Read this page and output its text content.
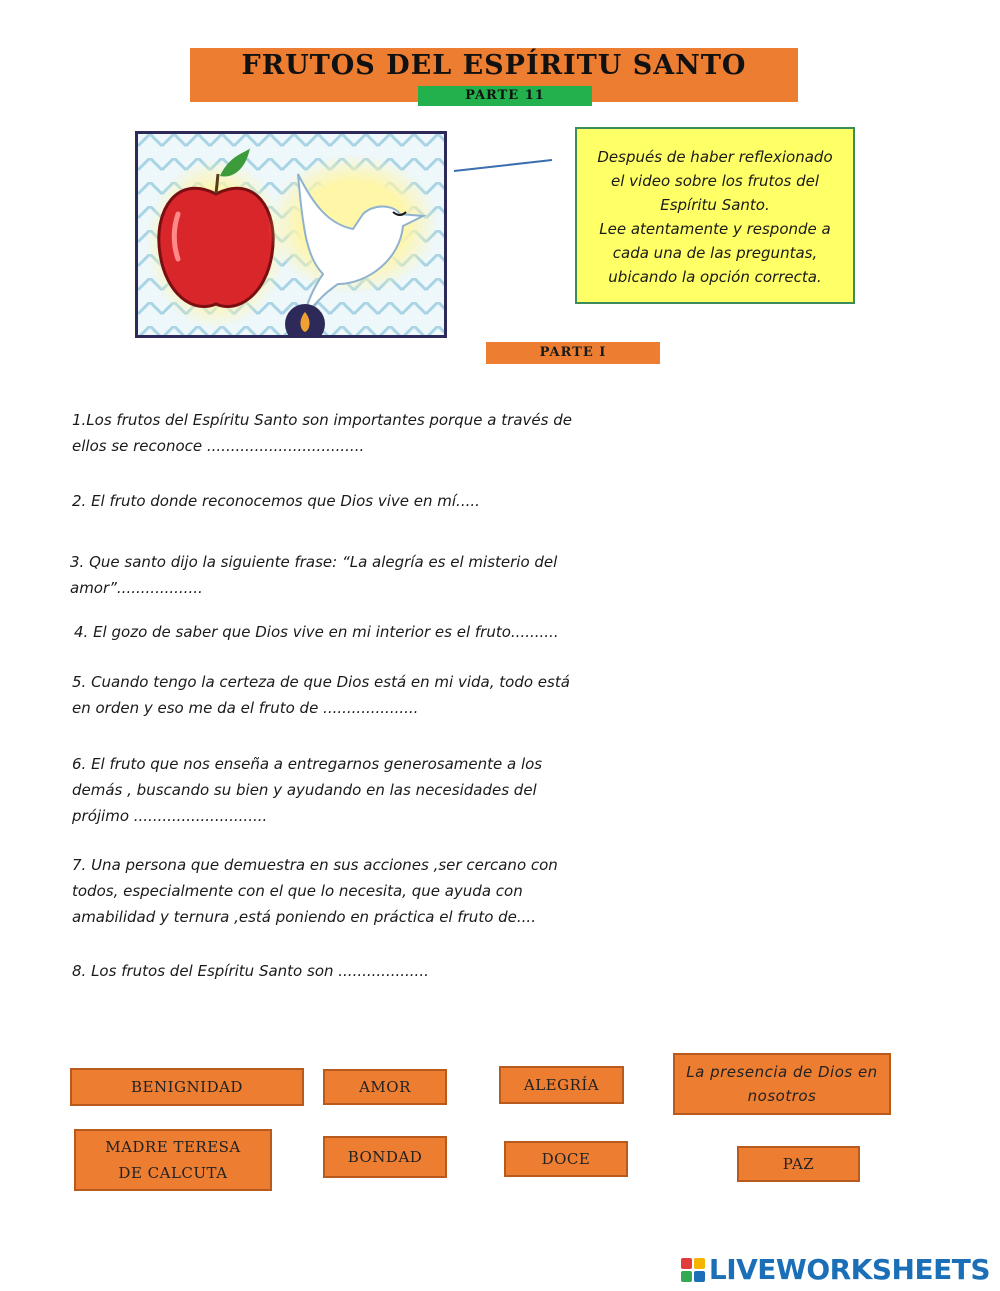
FRUTOS DEL ESPÍRITU SANTO
PARTE 11
Después de haber reflexionado
el video sobre los frutos del
Espíritu Santo.
Lee atentamente y responde a
cada una de las preguntas,
ubicando la opción correcta.
PARTE I
1.Los frutos del Espíritu Santo son importantes porque a través de
ellos se reconoce .................................
2. El fruto donde reconocemos que Dios vive en mí.....
3. Que santo dijo la siguiente frase: “La alegría es el misterio del
amor”..................
4. El gozo de saber que Dios vive en mi interior es el fruto..........
5. Cuando tengo la certeza de que Dios está en mi vida, todo está
en orden y eso me da el fruto de ....................
6. El fruto que nos enseña a entregarnos generosamente a los
demás , buscando su bien y ayudando en las necesidades del
prójimo ............................
7. Una persona que demuestra en sus acciones ,ser cercano con
todos, especialmente con el que lo necesita, que ayuda con
amabilidad y ternura ,está poniendo en práctica el fruto de....
8. Los frutos del Espíritu Santo son ...................
BENIGNIDAD	AMOR	ALEGRÍA
La presencia de Dios en
nosotros
MADRE TERESA
DE CALCUTA
BONDAD	DOCE	PAZ
LIVEWORKSHEETS
